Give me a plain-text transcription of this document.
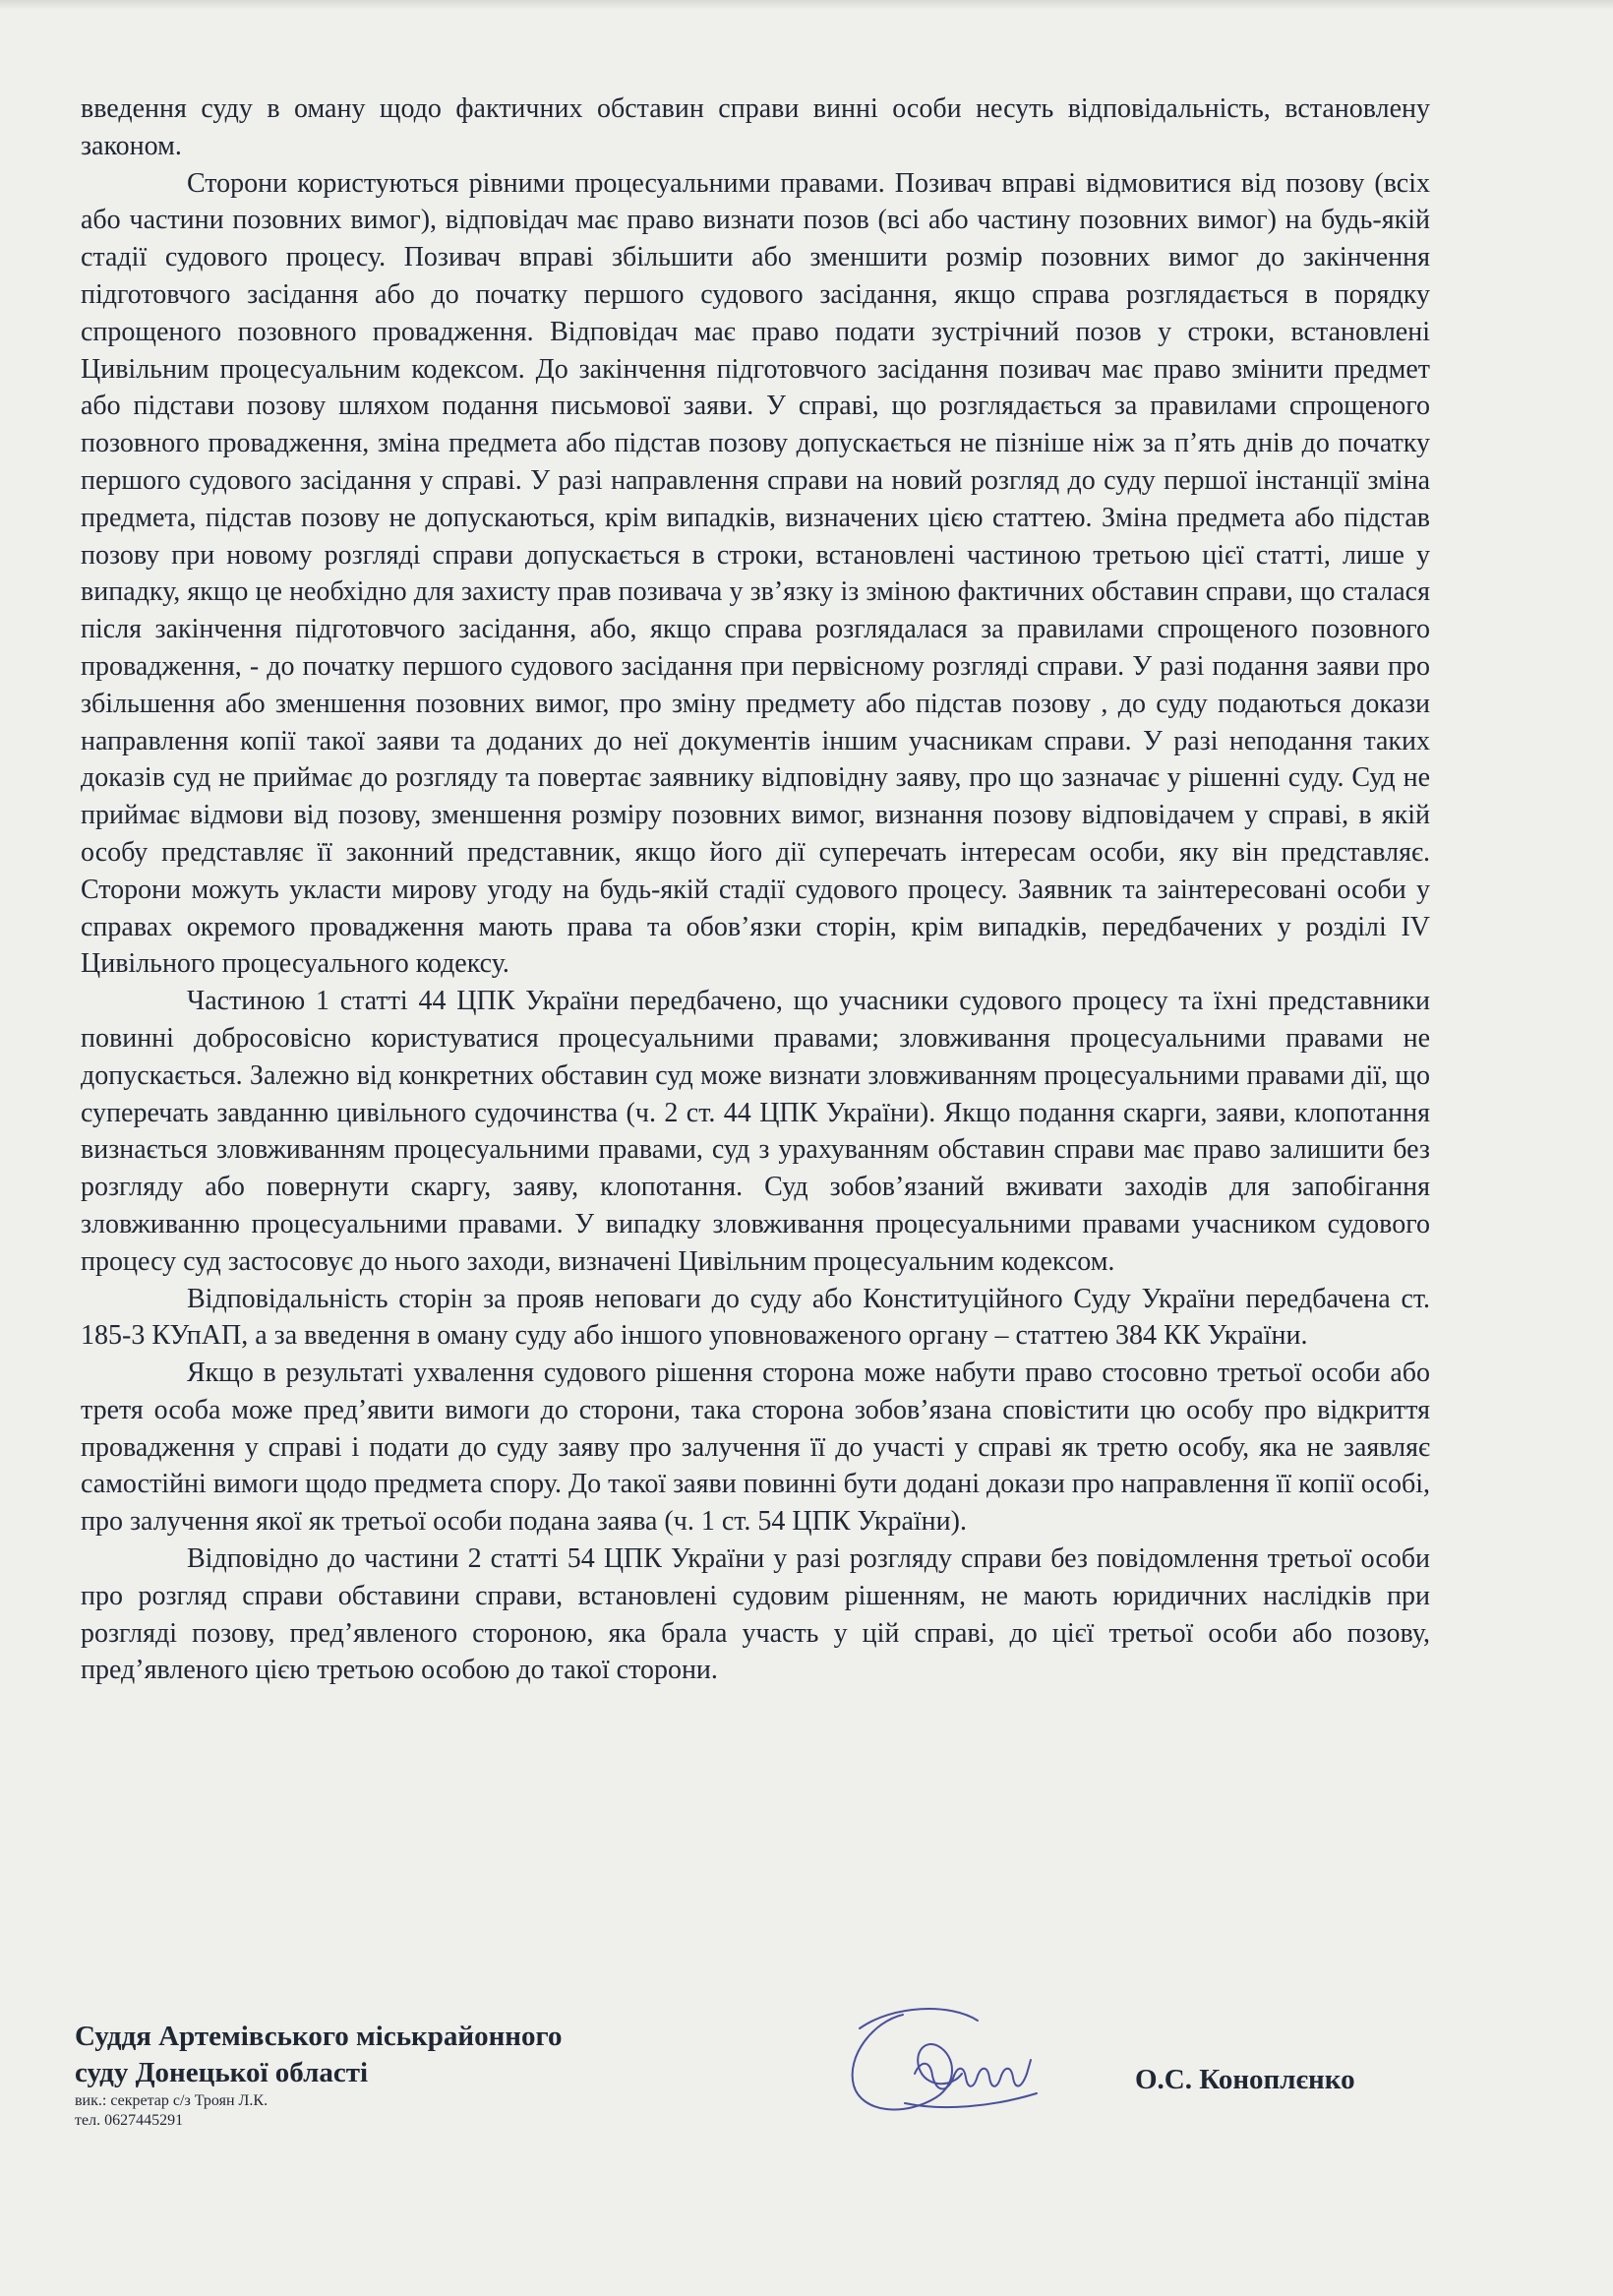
введення суду в оману щодо фактичних обставин справи винні особи несуть відповідальність, встановлену законом.

Сторони користуються рівними процесуальними правами. Позивач вправі відмовитися від позову (всіх або частини позовних вимог), відповідач має право визнати позов (всі або частину позовних вимог) на будь-якій стадії судового процесу. Позивач вправі збільшити або зменшити розмір позовних вимог до закінчення підготовчого засідання або до початку першого судового засідання, якщо справа розглядається в порядку спрощеного позовного провадження. Відповідач має право подати зустрічний позов у строки, встановлені Цивільним процесуальним кодексом. До закінчення підготовчого засідання позивач має право змінити предмет або підстави позову шляхом подання письмової заяви. У справі, що розглядається за правилами спрощеного позовного провадження, зміна предмета або підстав позову допускається не пізніше ніж за п’ять днів до початку першого судового засідання у справі. У разі направлення справи на новий розгляд до суду першої інстанції зміна предмета, підстав позову не допускаються, крім випадків, визначених цією статтею. Зміна предмета або підстав позову при новому розгляді справи допускається в строки, встановлені частиною третьою цієї статті, лише у випадку, якщо це необхідно для захисту прав позивача у зв’язку із зміною фактичних обставин справи, що сталася після закінчення підготовчого засідання, або, якщо справа розглядалася за правилами спрощеного позовного провадження, - до початку першого судового засідання при первісному розгляді справи. У разі подання заяви про збільшення або зменшення позовних вимог, про зміну предмету або підстав позову , до суду подаються докази направлення копії такої заяви та доданих до неї документів іншим учасникам справи. У разі неподання таких доказів суд не приймає до розгляду та повертає заявнику відповідну заяву, про що зазначає у рішенні суду. Суд не приймає відмови від позову, зменшення розміру позовних вимог, визнання позову відповідачем у справі, в якій особу представляє її законний представник, якщо його дії суперечать інтересам особи, яку він представляє. Сторони можуть укласти мирову угоду на будь-якій стадії судового процесу. Заявник та заінтересовані особи у справах окремого провадження мають права та обов’язки сторін, крім випадків, передбачених у розділі IV Цивільного процесуального кодексу.

Частиною 1 статті 44 ЦПК України передбачено, що учасники судового процесу та їхні представники повинні добросовісно користуватися процесуальними правами; зловживання процесуальними правами не допускається. Залежно від конкретних обставин суд може визнати зловживанням процесуальними правами дії, що суперечать завданню цивільного судочинства (ч. 2 ст. 44 ЦПК України). Якщо подання скарги, заяви, клопотання визнається зловживанням процесуальними правами, суд з урахуванням обставин справи має право залишити без розгляду або повернути скаргу, заяву, клопотання. Суд зобов’язаний вживати заходів для запобігання зловживанню процесуальними правами. У випадку зловживання процесуальними правами учасником судового процесу суд застосовує до нього заходи, визначені Цивільним процесуальним кодексом.

Відповідальність сторін за прояв неповаги до суду або Конституційного Суду України передбачена ст. 185-3 КУпАП, а за введення в оману суду або іншого уповноваженого органу – статтею 384 КК України.

Якщо в результаті ухвалення судового рішення сторона може набути право стосовно третьої особи або третя особа може пред’явити вимоги до сторони, така сторона зобов’язана сповістити цю особу про відкриття провадження у справі і подати до суду заяву про залучення її до участі у справі як третю особу, яка не заявляє самостійні вимоги щодо предмета спору. До такої заяви повинні бути додані докази про направлення її копії особі, про залучення якої як третьої особи подана заява (ч. 1 ст. 54 ЦПК України).

Відповідно до частини 2 статті 54 ЦПК України у разі розгляду справи без повідомлення третьої особи про розгляд справи обставини справи, встановлені судовим рішенням, не мають юридичних наслідків при розгляді позову, пред’явленого стороною, яка брала участь у цій справі, до цієї третьої особи або позову, пред’явленого цією третьою особою до такої сторони.

Суддя Артемівського міськрайонного

суду Донецької області

вик.: секретар с/з Троян Л.К.

тел. 0627445291

О.С. Коноплєнко
